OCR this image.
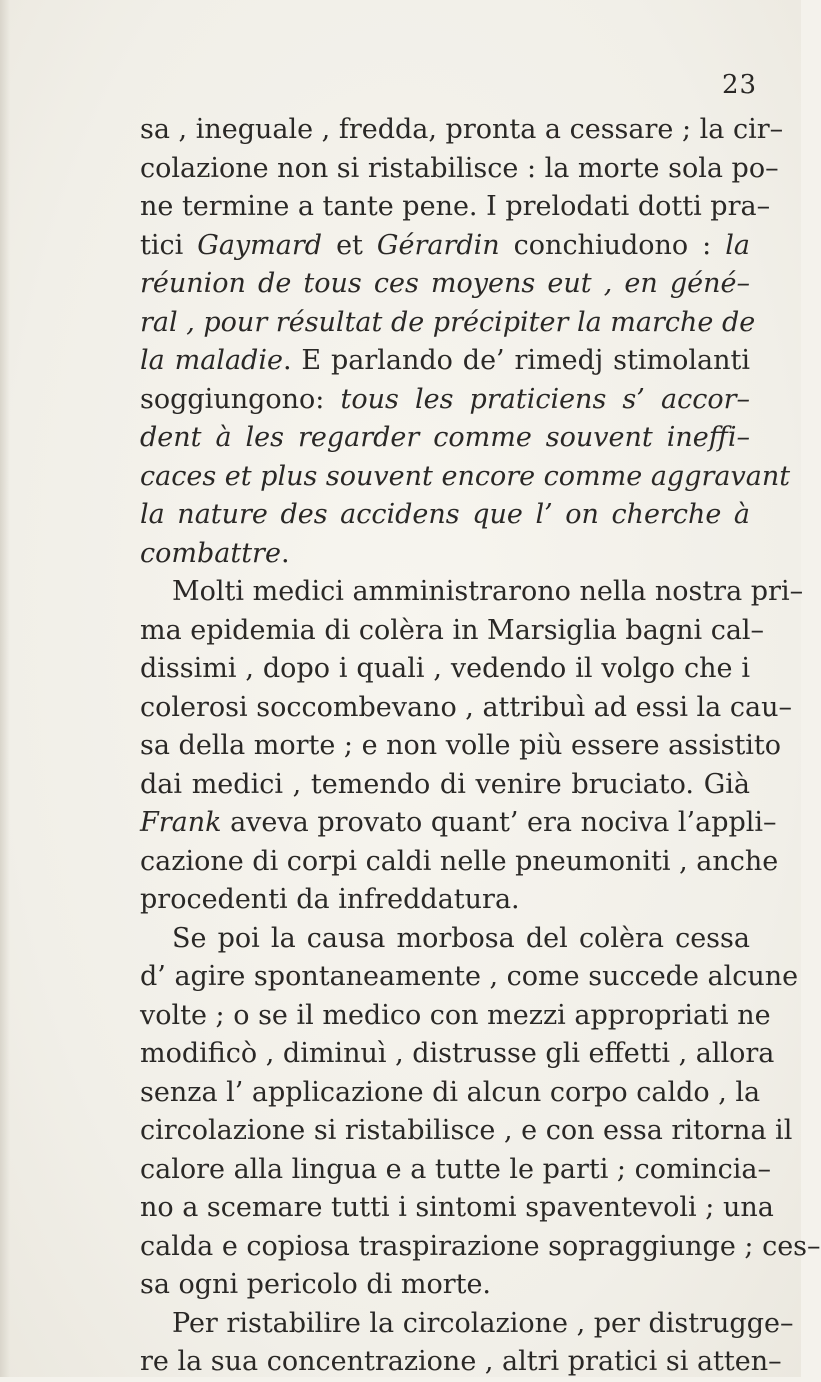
23
sa , ineguale , fredda, pronta a cessare ; la cir–
colazione non si ristabilisce : la morte sola po–
ne termine a tante pene. I prelodati dotti pra–
tici Gaymard et Gérardin conchiudono : la
réunion de tous ces moyens eut , en géné–
ral , pour résultat de précipiter la marche de
la maladie. E parlando de’ rimedj stimolanti
soggiungono: tous les praticiens s’ accor–
dent à les regarder comme souvent ineffi–
caces et plus souvent encore comme aggravant
la nature des accidens que l’ on cherche à
combattre.
Molti medici amministrarono nella nostra pri–
ma epidemia di colèra in Marsiglia bagni cal–
dissimi , dopo i quali , vedendo il volgo che i
colerosi soccombevano , attribuì ad essi la cau–
sa della morte ; e non volle più essere assistito
dai medici , temendo di venire bruciato. Già
Frank aveva provato quant’ era nociva l’appli–
cazione di corpi caldi nelle pneumoniti , anche
procedenti da infreddatura.
Se poi la causa morbosa del colèra cessa
d’ agire spontaneamente , come succede alcune
volte ; o se il medico con mezzi appropriati ne
modificò , diminuì , distrusse gli effetti , allora
senza l’ applicazione di alcun corpo caldo , la
circolazione si ristabilisce , e con essa ritorna il
calore alla lingua e a tutte le parti ; comincia–
no a scemare tutti i sintomi spaventevoli ; una
calda e copiosa traspirazione sopraggiunge ; ces–
sa ogni pericolo di morte.
Per ristabilire la circolazione , per distrugge–
re la sua concentrazione , altri pratici si atten–
